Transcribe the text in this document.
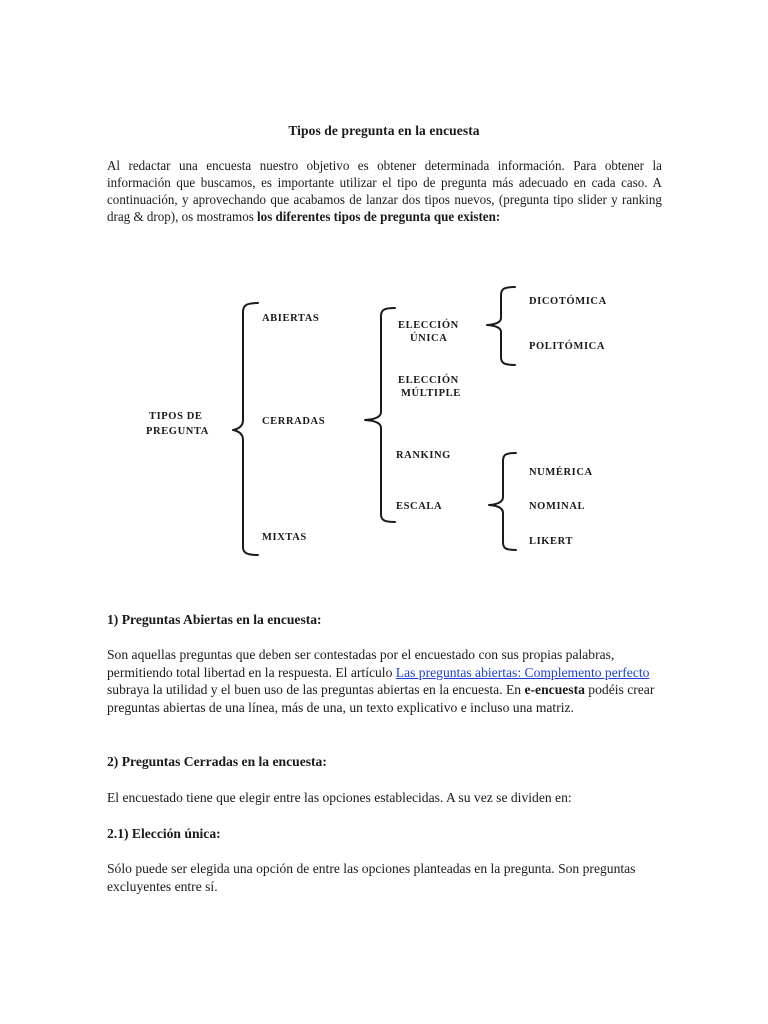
Tipos de pregunta en la encuesta
Al redactar una encuesta nuestro objetivo es obtener determinada información. Para obtener la información que buscamos, es importante utilizar el tipo de pregunta más adecuado en cada caso. A continuación, y aprovechando que acabamos de lanzar dos tipos nuevos, (pregunta tipo slider y ranking drag & drop), os mostramos los diferentes tipos de pregunta que existen:
TIPOS DE
PREGUNTA
ABIERTAS
CERRADAS
MIXTAS
ELECCIÓN
ÚNICA
ELECCIÓN
MÚLTIPLE
RANKING
ESCALA
DICOTÓMICA
POLITÓMICA
NUMÉRICA
NOMINAL
LIKERT
1) Preguntas Abiertas en la encuesta:
Son aquellas preguntas que deben ser contestadas por el encuestado con sus propias palabras, permitiendo total libertad en la respuesta. El artículo Las preguntas abiertas: Complemento perfecto subraya la utilidad y el buen uso de las preguntas abiertas en la encuesta. En e-encuesta podéis crear preguntas abiertas de una línea, más de una, un texto explicativo e incluso una matriz.
2) Preguntas Cerradas en la encuesta:
El encuestado tiene que elegir entre las opciones establecidas. A su vez se dividen en:
2.1) Elección única:
Sólo puede ser elegida una opción de entre las opciones planteadas en la pregunta. Son preguntas excluyentes entre sí.
